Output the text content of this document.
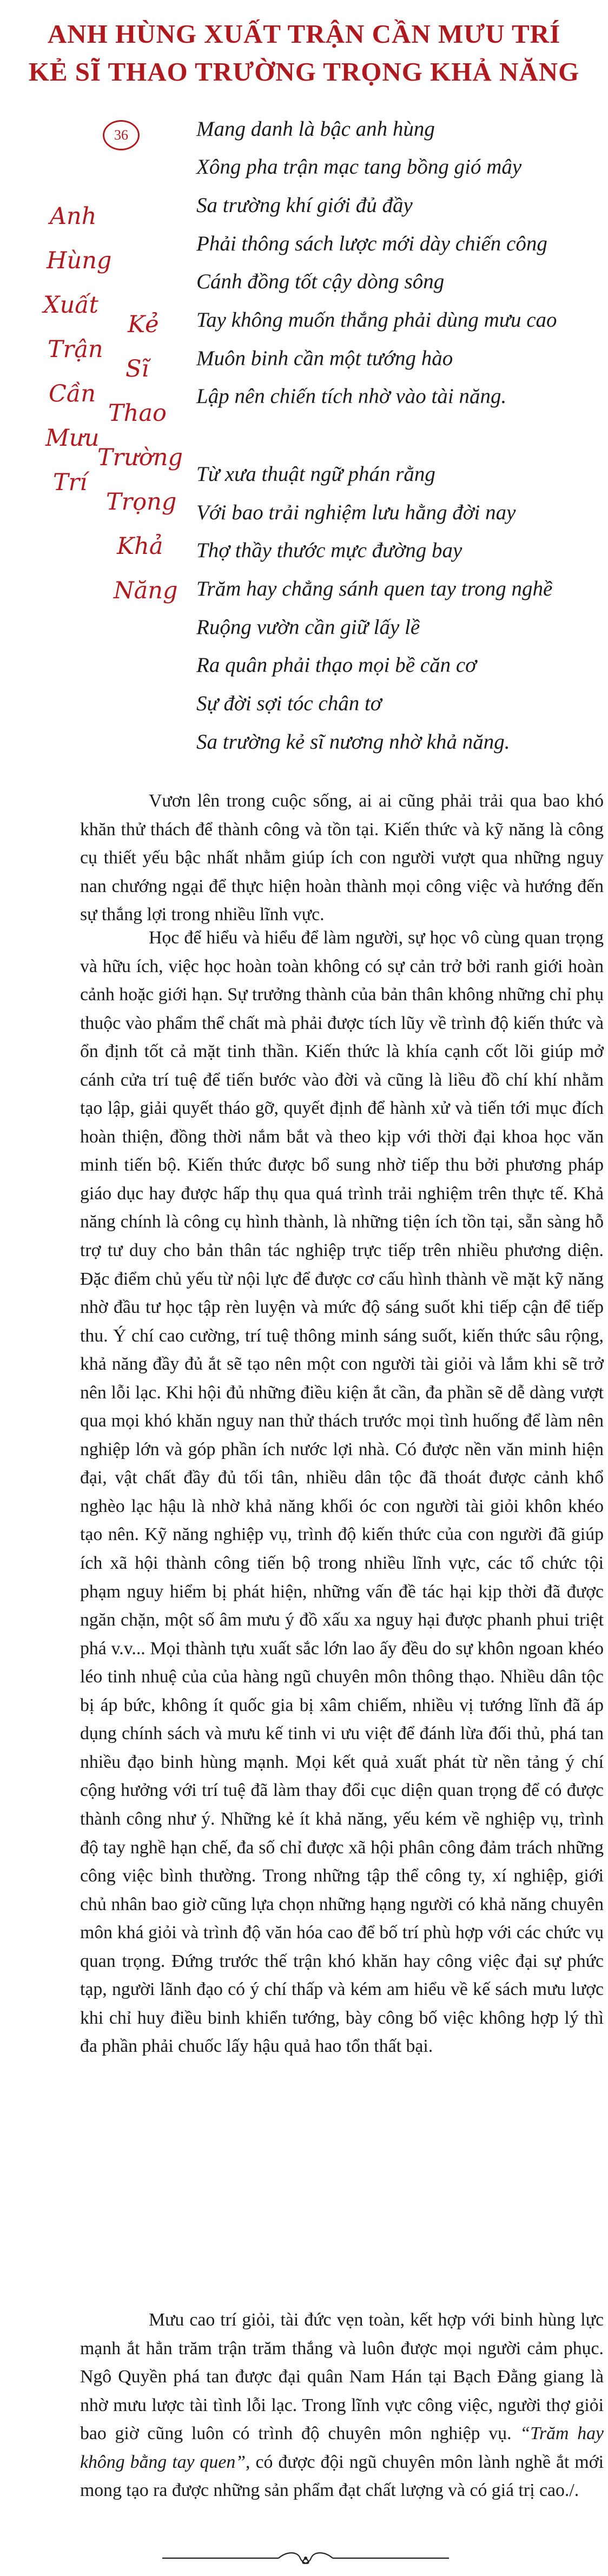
ANH HÙNG XUẤT TRẬN CẦN MƯU TRÍ
KẺ SĨ THAO TRƯỜNG TRỌNG KHẢ NĂNG
36
Anh
Hùng
Xuất
Trận
Cần
Mưu
Trí
Kẻ
Sĩ
Thao
Trường
Trọng
Khả
Năng
Mang danh là bậc anh hùng
Xông pha trận mạc tang bồng gió mây
Sa trường khí giới đủ đầy
Phải thông sách lược mới dày chiến công
Cánh đồng tốt cậy dòng sông
Tay không muốn thắng phải dùng mưu cao
Muôn binh cần một tướng hào
Lập nên chiến tích nhờ vào tài năng.
Từ xưa thuật ngữ phán rằng
Với bao trải nghiệm lưu hằng đời nay
Thợ thầy thước mực đường bay
Trăm hay chẳng sánh quen tay trong nghề
Ruộng vườn cần giữ lấy lề
Ra quân phải thạo mọi bề căn cơ
Sự đời sợi tóc chân tơ
Sa trường kẻ sĩ nương nhờ khả năng.

Vươn lên trong cuộc sống, ai ai cũng phải trải qua bao khó khăn thử thách để thành công và tồn tại. Kiến thức và kỹ năng là công cụ thiết yếu bậc nhất nhằm giúp ích con người vượt qua những nguy nan chướng ngại để thực hiện hoàn thành mọi công việc và hướng đến sự thắng lợi trong nhiều lĩnh vực.

Học để hiểu và hiểu để làm người, sự học vô cùng quan trọng và hữu ích, việc học hoàn toàn không có sự cản trở bởi ranh giới hoàn cảnh hoặc giới hạn. Sự trưởng thành của bản thân không những chỉ phụ thuộc vào phẩm thể chất mà phải được tích lũy về trình độ kiến thức và ổn định tốt cả mặt tinh thần. Kiến thức là khía cạnh cốt lõi giúp mở cánh cửa trí tuệ để tiến bước vào đời và cũng là liều đồ chí khí nhằm tạo lập, giải quyết tháo gỡ, quyết định để hành xử và tiến tới mục đích hoàn thiện, đồng thời nắm bắt và theo kịp với thời đại khoa học văn minh tiến bộ. Kiến thức được bổ sung nhờ tiếp thu bởi phương pháp giáo dục hay được hấp thụ qua quá trình trải nghiệm trên thực tế. Khả năng chính là công cụ hình thành, là những tiện ích tồn tại, sẵn sàng hỗ trợ tư duy cho bản thân tác nghiệp trực tiếp trên nhiều phương diện. Đặc điểm chủ yếu từ nội lực để được cơ cấu hình thành về mặt kỹ năng nhờ đầu tư học tập rèn luyện và mức độ sáng suốt khi tiếp cận để tiếp thu. Ý chí cao cường, trí tuệ thông minh sáng suốt, kiến thức sâu rộng, khả năng đầy đủ ắt sẽ tạo nên một con người tài giỏi và lắm khi sẽ trở nên lỗi lạc. Khi hội đủ những điều kiện ắt cần, đa phần sẽ dễ dàng vượt qua mọi khó khăn nguy nan thử thách trước mọi tình huống để làm nên nghiệp lớn và góp phần ích nước lợi nhà. Có được nền văn minh hiện đại, vật chất đầy đủ tối tân, nhiều dân tộc đã thoát được cảnh khổ nghèo lạc hậu là nhờ khả năng khối óc con người tài giỏi khôn khéo tạo nên. Kỹ năng nghiệp vụ, trình độ kiến thức của con người đã giúp ích xã hội thành công tiến bộ trong nhiều lĩnh vực, các tổ chức tội phạm nguy hiểm bị phát hiện, những vấn đề tác hại kịp thời đã được ngăn chặn, một số âm mưu ý đồ xấu xa nguy hại được phanh phui triệt phá v.v... Mọi thành tựu xuất sắc lớn lao ấy đều do sự khôn ngoan khéo léo tinh nhuệ của của hàng ngũ chuyên môn thông thạo. Nhiều dân tộc bị áp bức, không ít quốc gia bị xâm chiếm, nhiều vị tướng lĩnh đã áp dụng chính sách và mưu kế tinh vi ưu việt để đánh lừa đối thủ, phá tan nhiều đạo binh hùng mạnh. Mọi kết quả xuất phát từ nền tảng ý chí cộng hưởng với trí tuệ đã làm thay đổi cục diện quan trọng để có được thành công như ý. Những kẻ ít khả năng, yếu kém về nghiệp vụ, trình độ tay nghề hạn chế, đa số chỉ được xã hội phân công đảm trách những công việc bình thường. Trong những tập thể công ty, xí nghiệp, giới chủ nhân bao giờ cũng lựa chọn những hạng người có khả năng chuyên môn khá giỏi và trình độ văn hóa cao để bố trí phù hợp với các chức vụ quan trọng. Đứng trước thế trận khó khăn hay công việc đại sự phức tạp, người lãnh đạo có ý chí thấp và kém am hiểu về kế sách mưu lược khi chỉ huy điều binh khiển tướng, bày công bố việc không hợp lý thì đa phần phải chuốc lấy hậu quả hao tổn thất bại.

Mưu cao trí giỏi, tài đức vẹn toàn, kết hợp với binh hùng lực mạnh ắt hẳn trăm trận trăm thắng và luôn được mọi người cảm phục. Ngô Quyền phá tan được đại quân Nam Hán tại Bạch Đằng giang là nhờ mưu lược tài tình lỗi lạc. Trong lĩnh vực công việc, người thợ giỏi bao giờ cũng luôn có trình độ chuyên môn nghiệp vụ. “Trăm hay không bằng tay quen”, có được đội ngũ chuyên môn lành nghề ắt mới mong tạo ra được những sản phẩm đạt chất lượng và có giá trị cao./.
